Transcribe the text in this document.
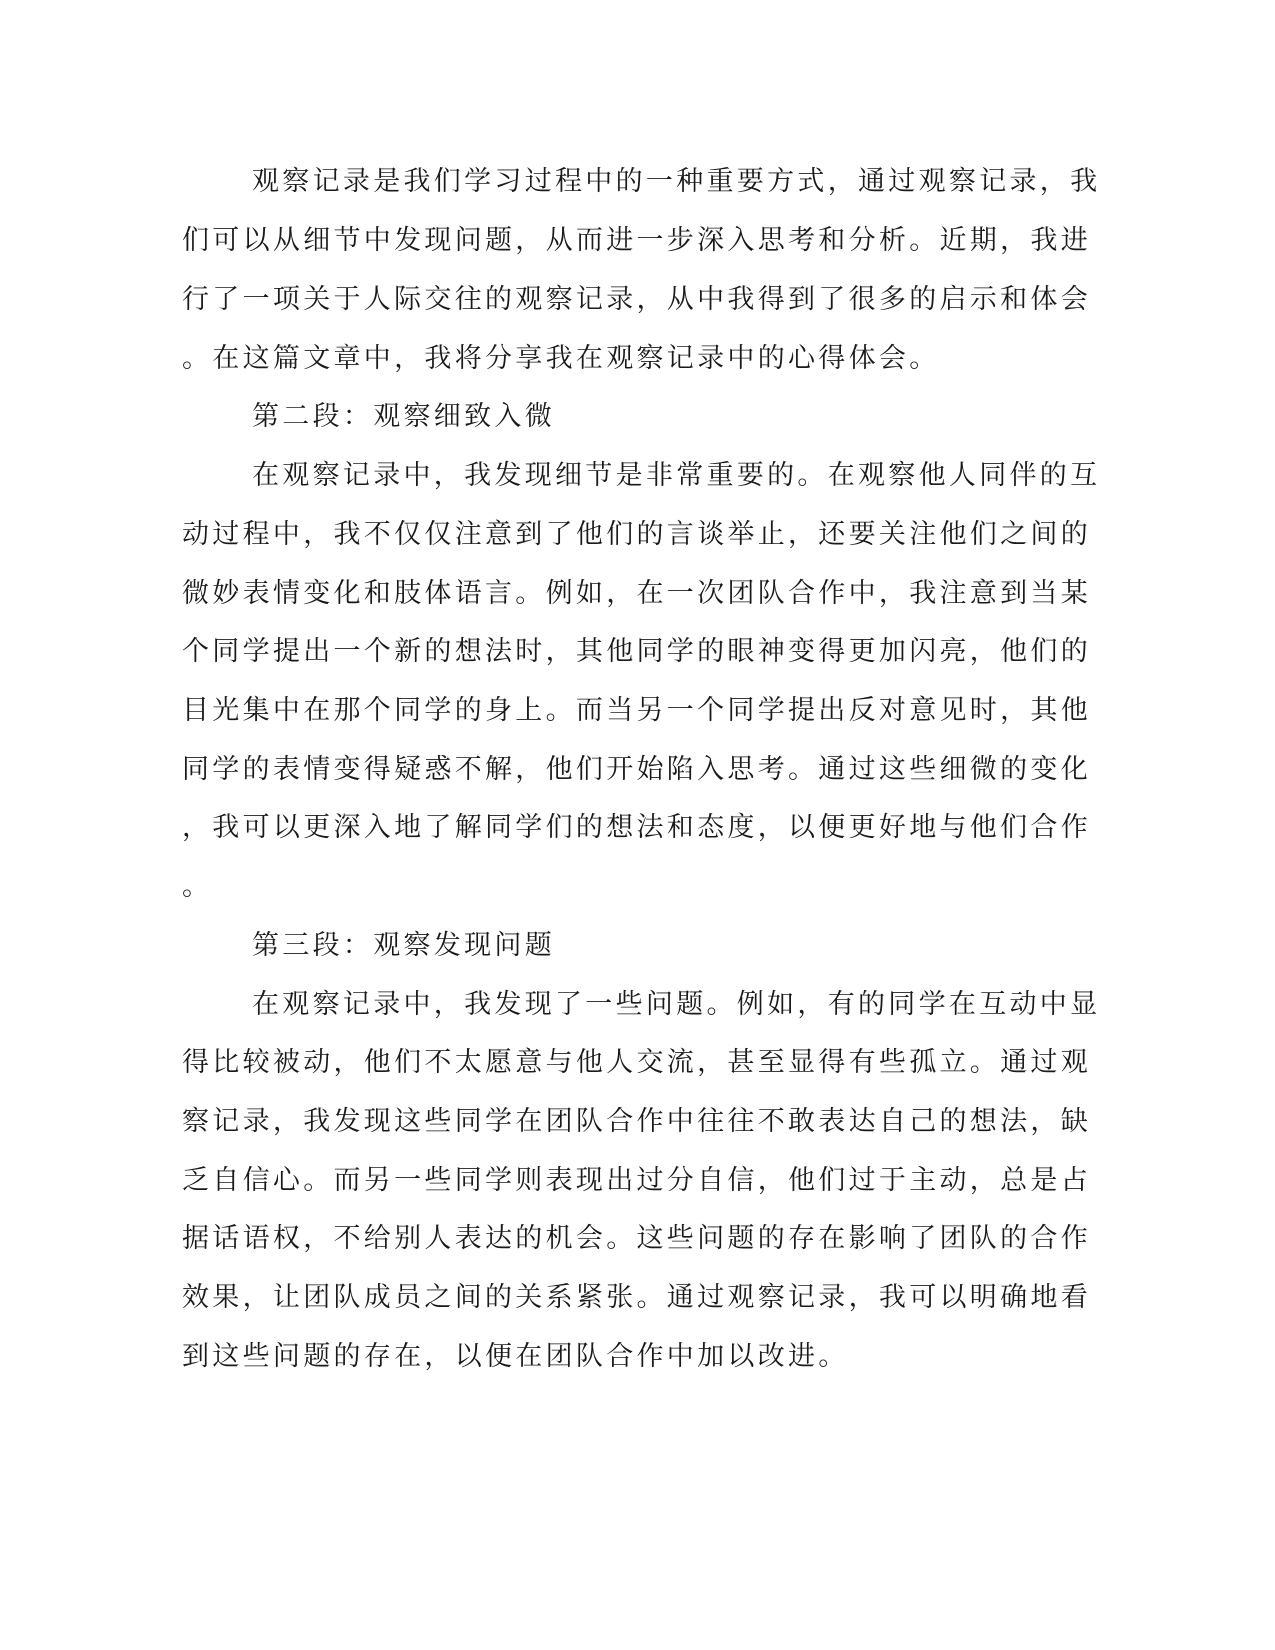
观察记录是我们学习过程中的一种重要方式，通过观察记录，我
们可以从细节中发现问题，从而进一步深入思考和分析。近期，我进
行了一项关于人际交往的观察记录，从中我得到了很多的启示和体会
。在这篇文章中，我将分享我在观察记录中的心得体会。
第二段：观察细致入微
在观察记录中，我发现细节是非常重要的。在观察他人同伴的互
动过程中，我不仅仅注意到了他们的言谈举止，还要关注他们之间的
微妙表情变化和肢体语言。例如，在一次团队合作中，我注意到当某
个同学提出一个新的想法时，其他同学的眼神变得更加闪亮，他们的
目光集中在那个同学的身上。而当另一个同学提出反对意见时，其他
同学的表情变得疑惑不解，他们开始陷入思考。通过这些细微的变化
，我可以更深入地了解同学们的想法和态度，以便更好地与他们合作
。
第三段：观察发现问题
在观察记录中，我发现了一些问题。例如，有的同学在互动中显
得比较被动，他们不太愿意与他人交流，甚至显得有些孤立。通过观
察记录，我发现这些同学在团队合作中往往不敢表达自己的想法，缺
乏自信心。而另一些同学则表现出过分自信，他们过于主动，总是占
据话语权，不给别人表达的机会。这些问题的存在影响了团队的合作
效果，让团队成员之间的关系紧张。通过观察记录，我可以明确地看
到这些问题的存在，以便在团队合作中加以改进。
